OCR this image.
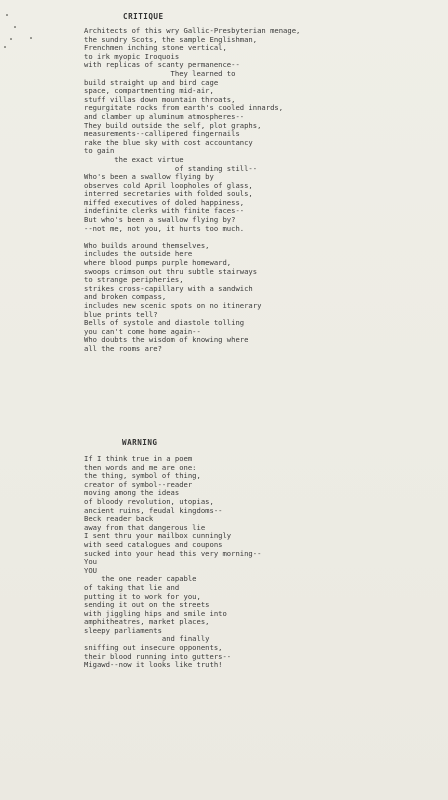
CRITIQUE
Architects of this wry Gallic-Presbyterian menage,
the sundry Scots, the sample Englishman,
Frenchmen inching stone vertical,
to irk myopic Iroquois
with replicas of scanty permanence--
They learned to
build straight up and bird cage
space, compartmenting mid-air,
stuff villas down mountain throats,
regurgitate rocks from earth's cooled innards,
and clamber up aluminum atmospheres--
They build outside the self, plot graphs,
measurements--callipered fingernails
rake the blue sky with cost accountancy
to gain
the exact virtue
of standing still--
Who's been a swallow flying by
observes cold April loopholes of glass,
interred secretaries with folded souls,
miffed executives of doled happiness,
indefinite clerks with finite faces--
But who's been a swallow flying by?
--not me, not you, it hurts too much.

Who builds around themselves,
includes the outside here
where blood pumps purple homeward,
swoops crimson out thru subtle stairways
to strange peripheries,
strikes cross-capillary with a sandwich
and broken compass,
includes new scenic spots on no itinerary
blue prints tell?
Bells of systole and diastole tolling
you can't come home again--
Who doubts the wisdom of knowing where
all the rooms are?
WARNING
If I think true in a poem
then words and me are one:
the thing, symbol of thing,
creator of symbol--reader
moving among the ideas
of bloody revolution, utopias,
ancient ruins, feudal kingdoms--
Beck reader back
away from that dangerous lie
I sent thru your mailbox cunningly
with seed catalogues and coupons
sucked into your head this very morning--
You
YOU
the one reader capable
of taking that lie and
putting it to work for you,
sending it out on the streets
with jiggling hips and smile into
amphitheatres, market places,
sleepy parliaments
and finally
sniffing out insecure opponents,
their blood running into gutters--
Migawd--now it looks like truth!
